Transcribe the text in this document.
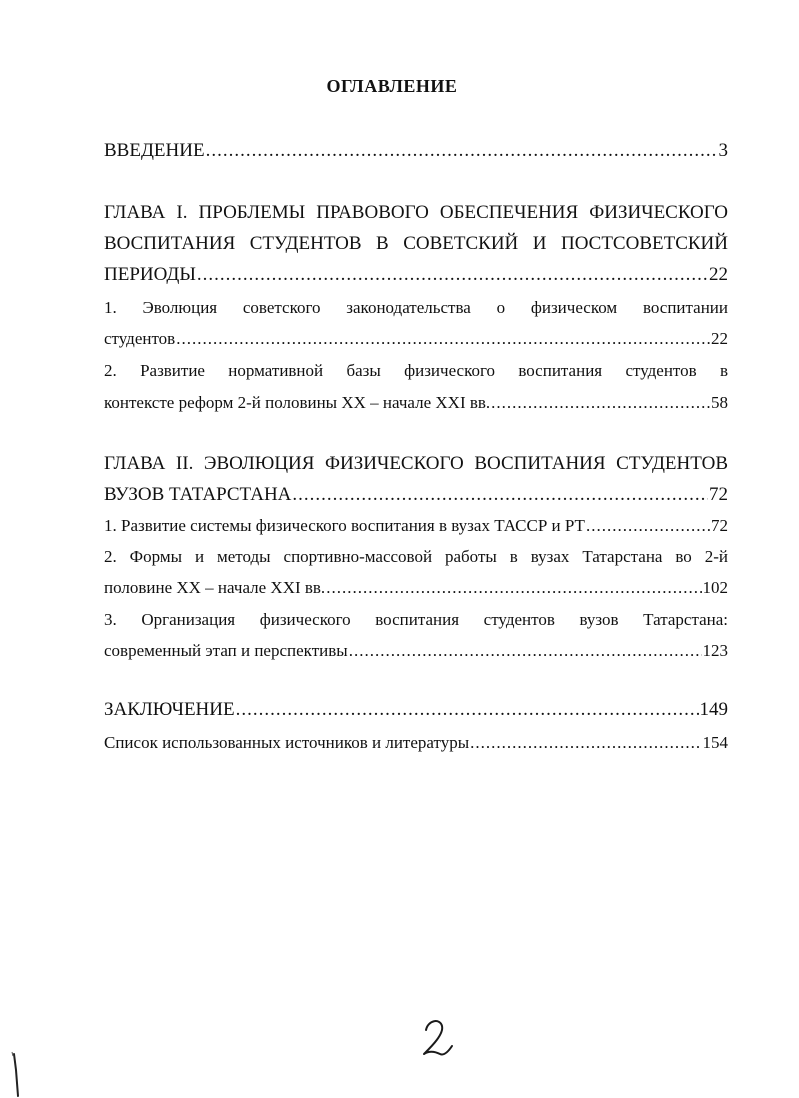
ОГЛАВЛЕНИЕ
ВВЕДЕНИЕ .....	3
ГЛАВА I. ПРОБЛЕМЫ ПРАВОВОГО ОБЕСПЕЧЕНИЯ ФИЗИЧЕСКОГО
ВОСПИТАНИЯ СТУДЕНТОВ В СОВЕТСКИЙ И ПОСТСОВЕТСКИЙ
ПЕРИОДЫ .....	22
1. Эволюция советского законодательства о физическом воспитании
студентов .....	22
2. Развитие нормативной базы физического воспитания студентов в
контексте реформ 2-й половины XX – начале XXI вв. .....	58
ГЛАВА II. ЭВОЛЮЦИЯ ФИЗИЧЕСКОГО ВОСПИТАНИЯ СТУДЕНТОВ
ВУЗОВ ТАТАРСТАНА .....	72
1. Развитие системы физического воспитания в вузах ТАССР и РТ .....	72
2. Формы и методы спортивно-массовой работы в вузах Татарстана во 2-й
половине XX – начале XXI вв. .....	102
3. Организация физического воспитания студентов вузов Татарстана:
современный этап и перспективы .....	123
ЗАКЛЮЧЕНИЕ .....	149
Список использованных источников и литературы .....	154
